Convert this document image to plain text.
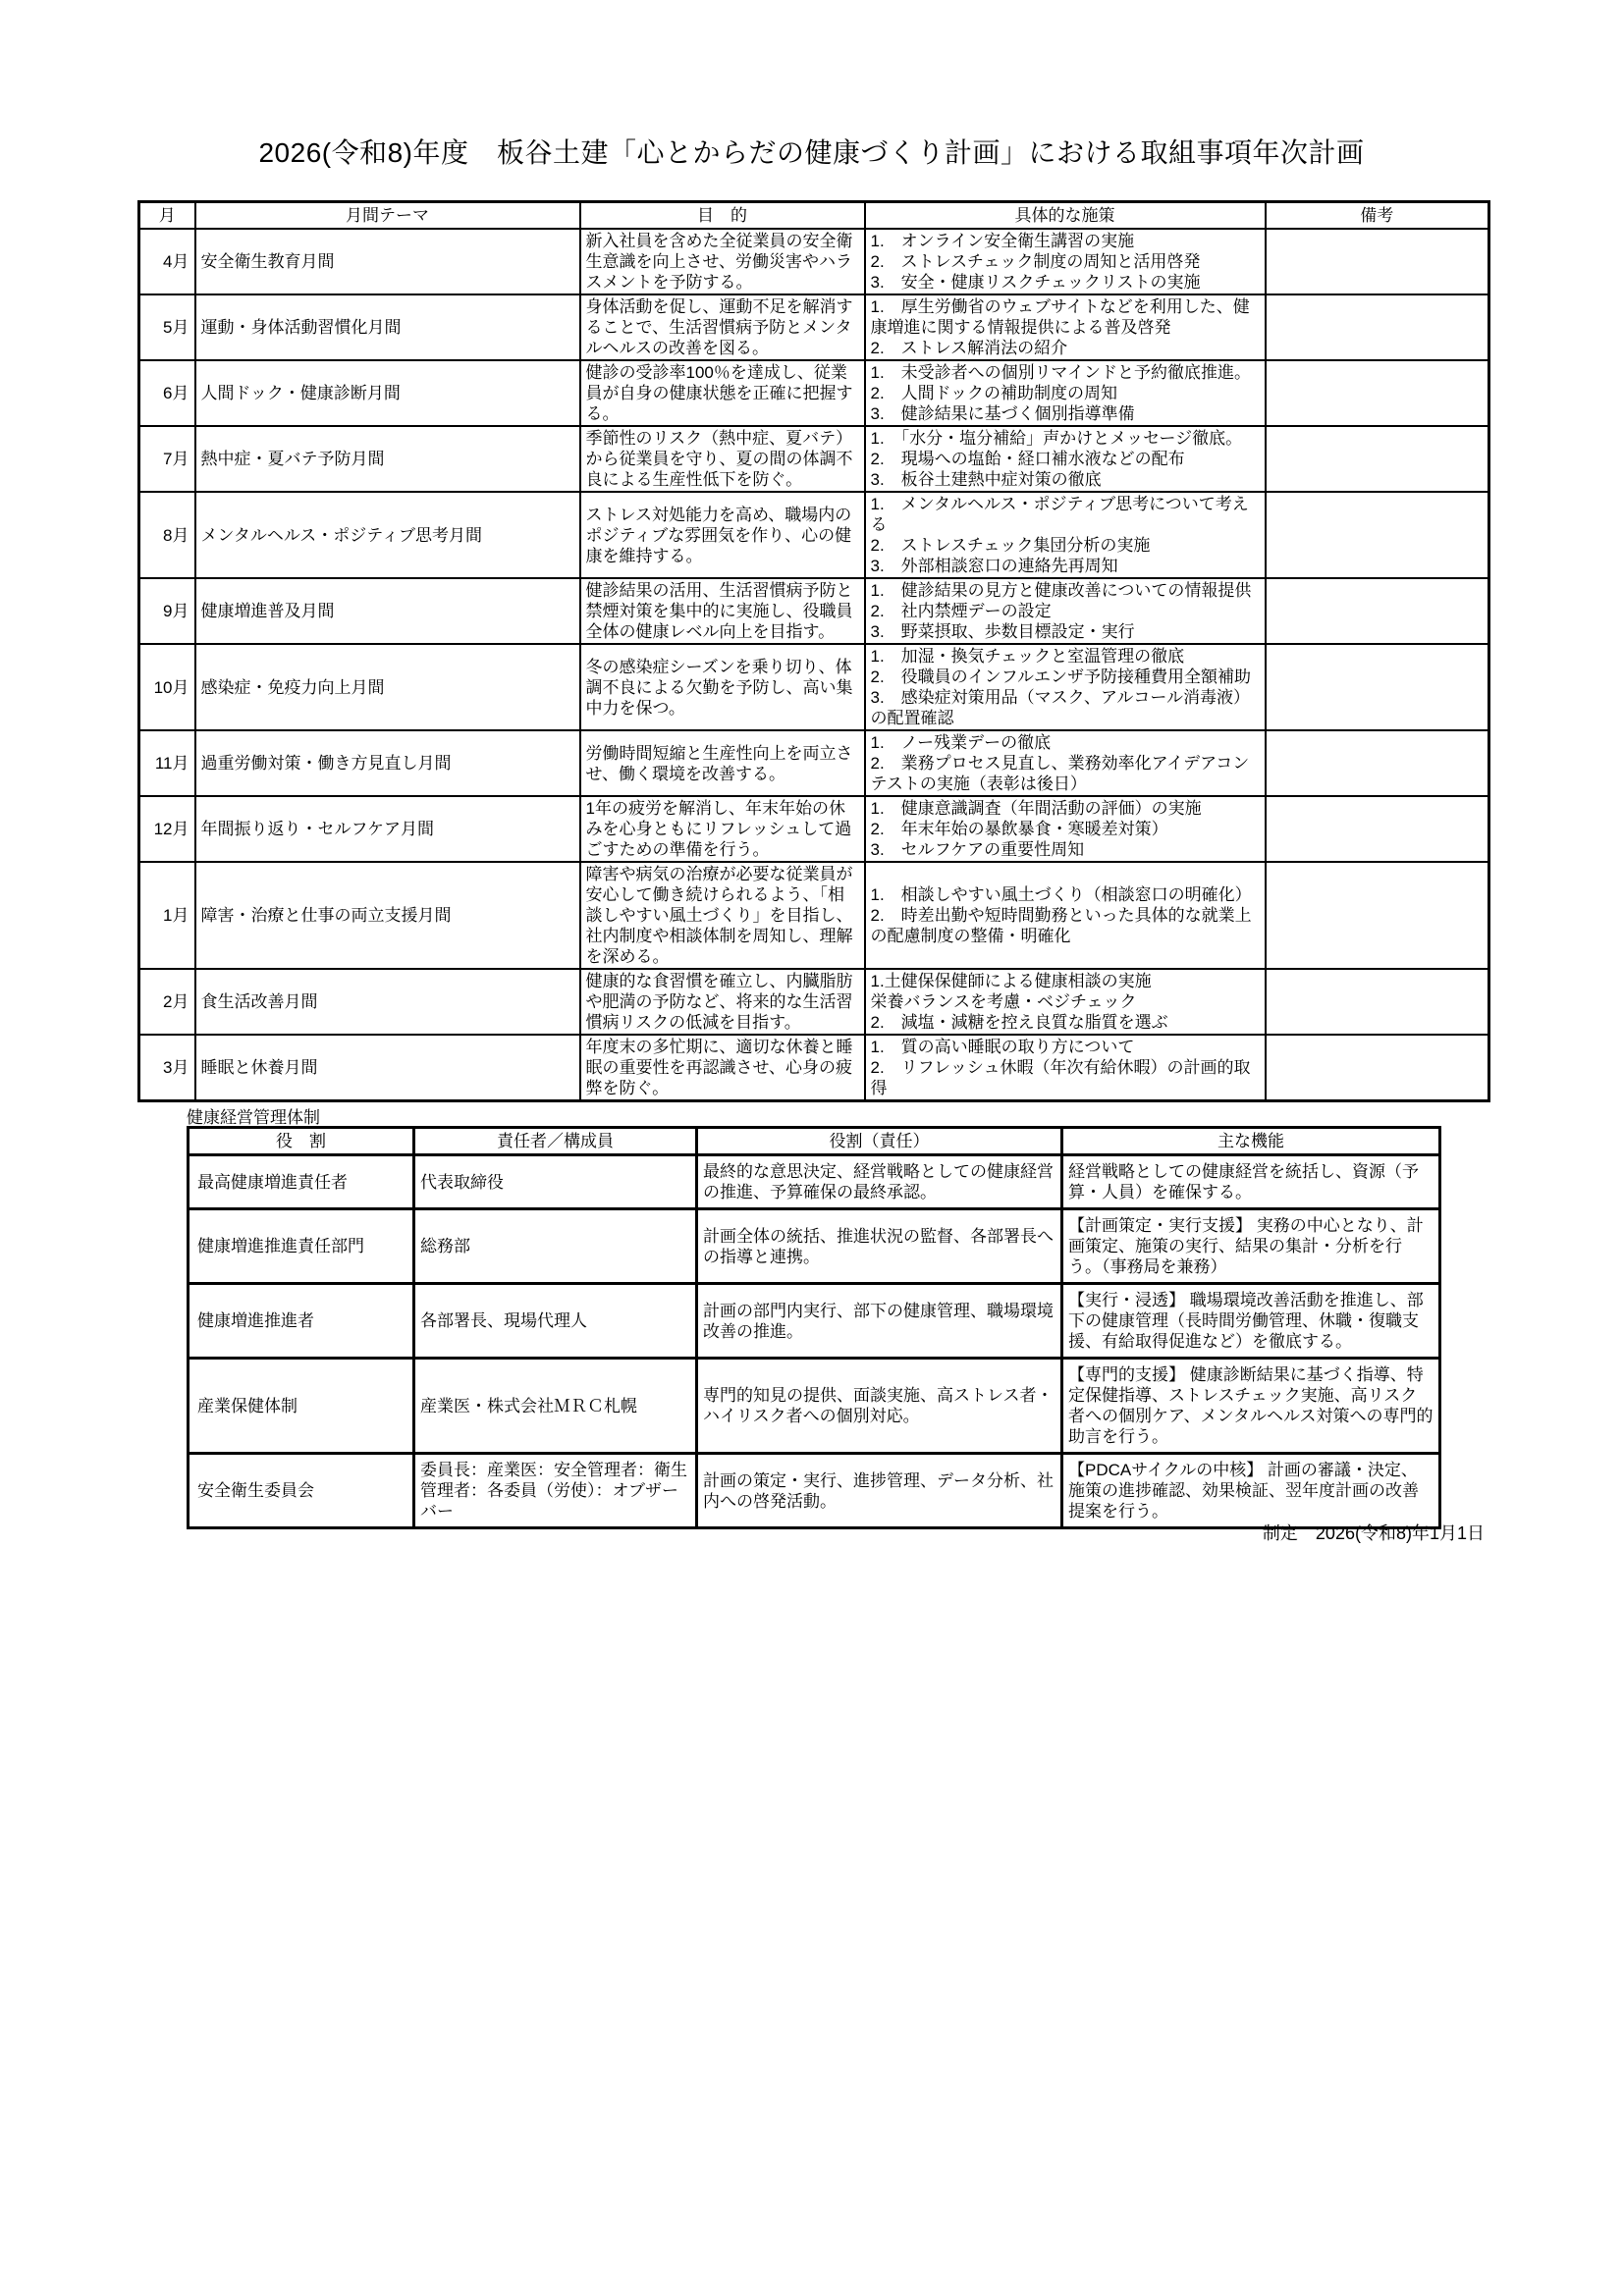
2026(令和8)年度　板谷土建「心とからだの健康づくり計画」における取組事項年次計画
月	月間テーマ	目　的	具体的な施策	備考
4月	安全衛生教育月間	新入社員を含めた全従業員の安全衛生意識を向上させ、労働災害やハラスメントを予防する。	1.　オンライン安全衛生講習の実施
2.　ストレスチェック制度の周知と活用啓発
3.　安全・健康リスクチェックリストの実施	

5月	運動・身体活動習慣化月間	身体活動を促し、運動不足を解消することで、生活習慣病予防とメンタルヘルスの改善を図る。	1.　厚生労働省のウェブサイトなどを利用した、健康増進に関する情報提供による普及啓発
2.　ストレス解消法の紹介	

6月	人間ドック・健康診断月間	健診の受診率100％を達成し、従業員が自身の健康状態を正確に把握する。	1.　未受診者への個別リマインドと予約徹底推進。
2.　人間ドックの補助制度の周知
3.　健診結果に基づく個別指導準備	

7月	熱中症・夏バテ予防月間	季節性のリスク（熱中症、夏バテ）から従業員を守り、夏の間の体調不良による生産性低下を防ぐ。	1.　「水分・塩分補給」声かけとメッセージ徹底。
2.　現場への塩飴・経口補水液などの配布
3.　板谷土建熱中症対策の徹底	

8月	メンタルヘルス・ポジティブ思考月間	ストレス対処能力を高め、職場内のポジティブな雰囲気を作り、心の健康を維持する。	1.　メンタルヘルス・ポジティブ思考について考える
2.　ストレスチェック集団分析の実施
3.　外部相談窓口の連絡先再周知	

9月	健康増進普及月間	健診結果の活用、生活習慣病予防と禁煙対策を集中的に実施し、役職員全体の健康レベル向上を目指す。	1.　健診結果の見方と健康改善についての情報提供
2.　社内禁煙デーの設定
3.　野菜摂取、歩数目標設定・実行	

10月	感染症・免疫力向上月間	冬の感染症シーズンを乗り切り、体調不良による欠勤を予防し、高い集中力を保つ。	1.　加湿・換気チェックと室温管理の徹底
2.　役職員のインフルエンザ予防接種費用全額補助
3.　感染症対策用品（マスク、アルコール消毒液）の配置確認	

11月	過重労働対策・働き方見直し月間	労働時間短縮と生産性向上を両立させ、働く環境を改善する。	1.　ノー残業デーの徹底
2.　業務プロセス見直し、業務効率化アイデアコンテストの実施（表彰は後日）	

12月	年間振り返り・セルフケア月間	1年の疲労を解消し、年末年始の休みを心身ともにリフレッシュして過ごすための準備を行う。	1.　健康意識調査（年間活動の評価）の実施
2.　年末年始の暴飲暴食・寒暖差対策）
3.　セルフケアの重要性周知	

1月	障害・治療と仕事の両立支援月間	障害や病気の治療が必要な従業員が安心して働き続けられるよう、「相談しやすい風土づくり」を目指し、社内制度や相談体制を周知し、理解を深める。	1.　相談しやすい風土づくり（相談窓口の明確化）
2.　時差出勤や短時間勤務といった具体的な就業上の配慮制度の整備・明確化	

2月	食生活改善月間	健康的な食習慣を確立し、内臓脂肪や肥満の予防など、将来的な生活習慣病リスクの低減を目指す。	1.土健保保健師による健康相談の実施
栄養バランスを考慮・ベジチェック
2.　減塩・減糖を控え良質な脂質を選ぶ	

3月	睡眠と休養月間	年度末の多忙期に、適切な休養と睡眠の重要性を再認識させ、心身の疲弊を防ぐ。	1.　質の高い睡眠の取り方について
2.　リフレッシュ休暇（年次有給休暇）の計画的取得	

健康経営管理体制
役　割	責任者／構成員	役割（責任）	主な機能
最高健康増進責任者	代表取締役	最終的な意思決定、経営戦略としての健康経営の推進、予算確保の最終承認。	経営戦略としての健康経営を統括し、資源（予算・人員）を確保する。
健康増進推進責任部門	総務部	計画全体の統括、推進状況の監督、各部署長への指導と連携。	【計画策定・実行支援】 実務の中心となり、計画策定、施策の実行、結果の集計・分析を行う。（事務局を兼務）
健康増進推進者	各部署長、現場代理人	計画の部門内実行、部下の健康管理、職場環境改善の推進。	【実行・浸透】 職場環境改善活動を推進し、部下の健康管理（長時間労働管理、休職・復職支援、有給取得促進など）を徹底する。
産業保健体制	産業医・株式会社ＭＲＣ札幌	専門的知見の提供、面談実施、高ストレス者・ハイリスク者への個別対応。	【専門的支援】 健康診断結果に基づく指導、特定保健指導、ストレスチェック実施、高リスク者への個別ケア、メンタルヘルス対策への専門的助言を行う。
安全衛生委員会	委員長：産業医：安全管理者：衛生管理者：各委員（労使）：オブザーバー	計画の策定・実行、進捗管理、データ分析、社内への啓発活動。	【PDCAサイクルの中核】 計画の審議・決定、施策の進捗確認、効果検証、翌年度計画の改善提案を行う。
制定　2026(令和8)年1月1日
